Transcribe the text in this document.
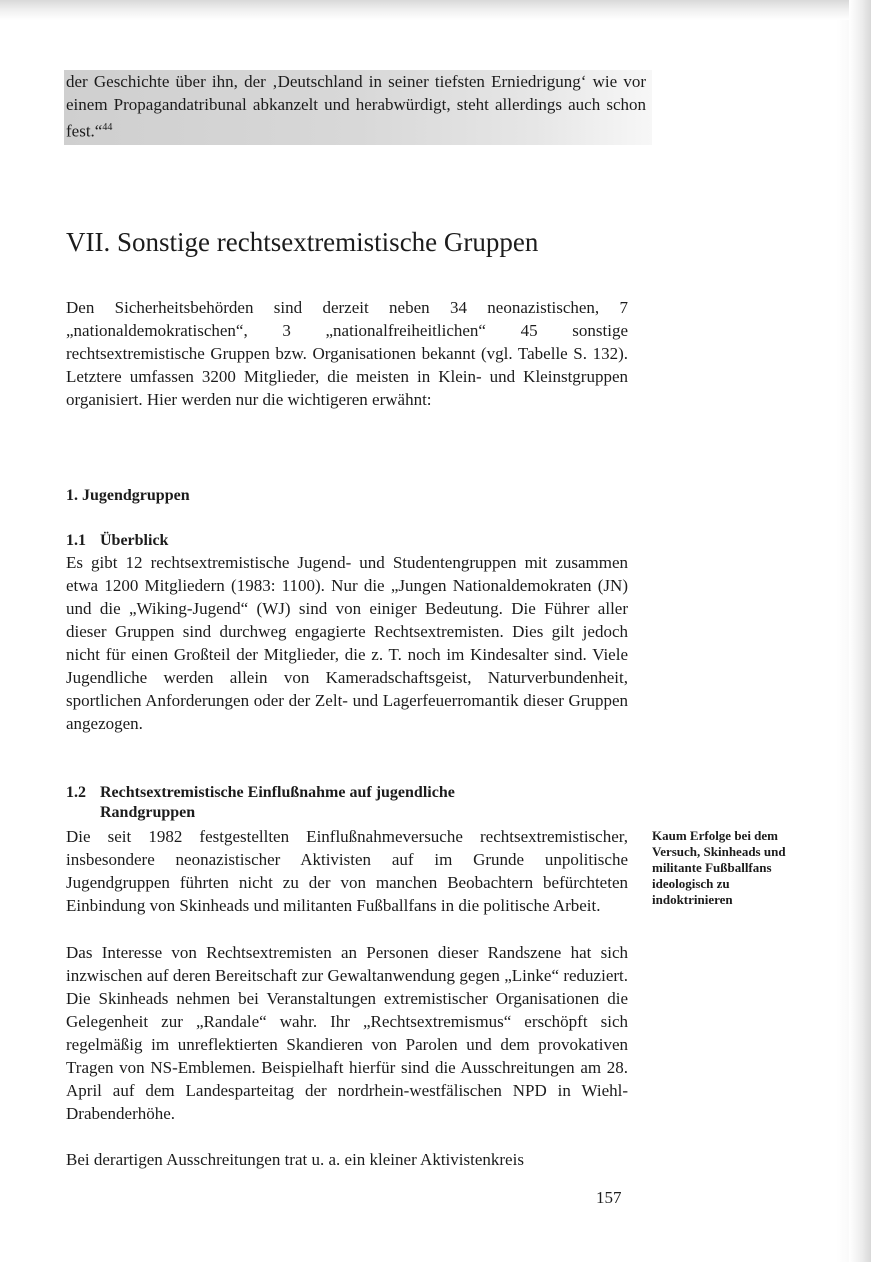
der Geschichte über ihn, der ‚Deutschland in seiner tiefsten Erniedrigung‘ wie vor einem Propagandatribunal abkanzelt und herabwürdigt, steht allerdings auch schon fest.“$^{44}$
VII. Sonstige rechtsextremistische Gruppen
Den Sicherheitsbehörden sind derzeit neben 34 neonazistischen, 7 „nationaldemokratischen“, 3 „nationalfreiheitlichen“ 45 sonstige rechtsextremistische Gruppen bzw. Organisationen bekannt (vgl. Tabelle S. 132). Letztere umfassen 3200 Mitglieder, die meisten in Klein- und Kleinstgruppen organisiert. Hier werden nur die wichtigeren erwähnt:
1. Jugendgruppen
1.1 Überblick
Es gibt 12 rechtsextremistische Jugend- und Studentengruppen mit zusammen etwa 1200 Mitgliedern (1983: 1100). Nur die „Jungen Nationaldemokraten (JN) und die „Wiking-Jugend“ (WJ) sind von einiger Bedeutung. Die Führer aller dieser Gruppen sind durchweg engagierte Rechtsextremisten. Dies gilt jedoch nicht für einen Großteil der Mitglieder, die z. T. noch im Kindesalter sind. Viele Jugendliche werden allein von Kameradschaftsgeist, Naturverbundenheit, sportlichen Anforderungen oder der Zelt- und Lagerfeuerromantik dieser Gruppen angezogen.
1.2 Rechtsextremistische Einflußnahme auf jugendliche
Randgruppen
Die seit 1982 festgestellten Einflußnahmeversuche rechtsextremistischer, insbesondere neonazistischer Aktivisten auf im Grunde unpolitische Jugendgruppen führten nicht zu der von manchen Beobachtern befürchteten Einbindung von Skinheads und militanten Fußballfans in die politische Arbeit.
Das Interesse von Rechtsextremisten an Personen dieser Randszene hat sich inzwischen auf deren Bereitschaft zur Gewaltanwendung gegen „Linke“ reduziert. Die Skinheads nehmen bei Veranstaltungen extremistischer Organisationen die Gelegenheit zur „Randale“ wahr. Ihr „Rechtsextremismus“ erschöpft sich regelmäßig im unreflektierten Skandieren von Parolen und dem provokativen Tragen von NS-Emblemen. Beispielhaft hierfür sind die Ausschreitungen am 28. April auf dem Landesparteitag der nordrhein-westfälischen NPD in Wiehl-Drabenderhöhe.
Bei derartigen Ausschreitungen trat u. a. ein kleiner Aktivistenkreis
Kaum Erfolge bei dem Versuch, Skinheads und militante Fußballfans ideologisch zu indoktrinieren
157
